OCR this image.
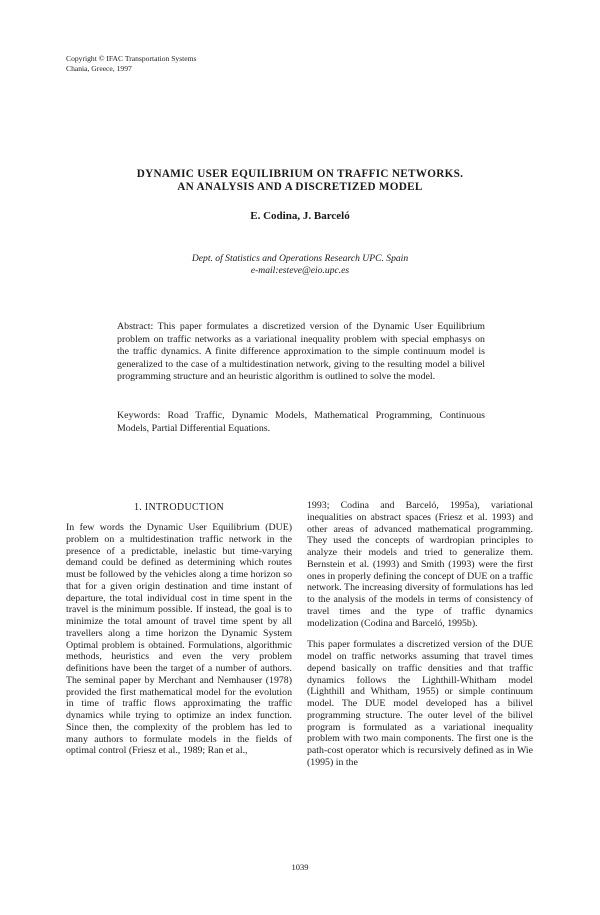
Copyright © IFAC Transportation Systems
Chania, Greece, 1997
DYNAMIC USER EQUILIBRIUM ON TRAFFIC NETWORKS.
AN ANALYSIS AND A DISCRETIZED MODEL
E. Codina, J. Barceló
Dept. of Statistics and Operations Research UPC. Spain
e-mail:esteve@eio.upc.es

Abstract: This paper formulates a discretized version of the Dynamic User Equilibrium problem on traffic networks as a variational inequality problem with special emphasys on the traffic dynamics. A finite difference approximation to the simple continuum model is generalized to the case of a multidestination network, giving to the resulting model a bilivel programming structure and an heuristic algorithm is outlined to solve the model.

Keywords: Road Traffic, Dynamic Models, Mathematical Programming, Continuous Models, Partial Differential Equations.

1. INTRODUCTION

In few words the Dynamic User Equilibrium (DUE) problem on a multidestination traffic network in the presence of a predictable, inelastic but time-varying demand could be defined as determining which routes must be followed by the vehicles along a time horizon so that for a given origin destination and time instant of departure, the total individual cost in time spent in the travel is the minimum possible. If instead, the goal is to minimize the total amount of travel time spent by all travellers along a time horizon the Dynamic System Optimal problem is obtained. Formulations, algorithmic methods, heuristics and even the very problem definitions have been the target of a number of authors. The seminal paper by Merchant and Nemhauser (1978) provided the first mathematical model for the evolution in time of traffic flows approximating the traffic dynamics while trying to optimize an index function. Since then, the complexity of the problem has led to many authors to formulate models in the fields of optimal control (Friesz et al., 1989; Ran et al.,

1993; Codina and Barceló, 1995a), variational inequalities on abstract spaces (Friesz et al. 1993) and other areas of advanced mathematical programming. They used the concepts of wardropian principles to analyze their models and tried to generalize them. Bernstein et al. (1993) and Smith (1993) were the first ones in properly defining the concept of DUE on a traffic network. The increasing diversity of formulations has led to the analysis of the models in terms of consistency of travel times and the type of traffic dynamics modelization (Codina and Barceló, 1995b).

This paper formulates a discretized version of the DUE model on traffic networks assuming that travel times depend basically on traffic densities and that traffic dynamics follows the Lighthill-Whitham model (Lighthill and Whitham, 1955) or simple continuum model. The DUE model developed has a bilivel programming structure. The outer level of the bilivel program is formulated as a variational inequality problem with two main components. The first one is the path-cost operator which is recursively defined as in Wie (1995) in the

1039
